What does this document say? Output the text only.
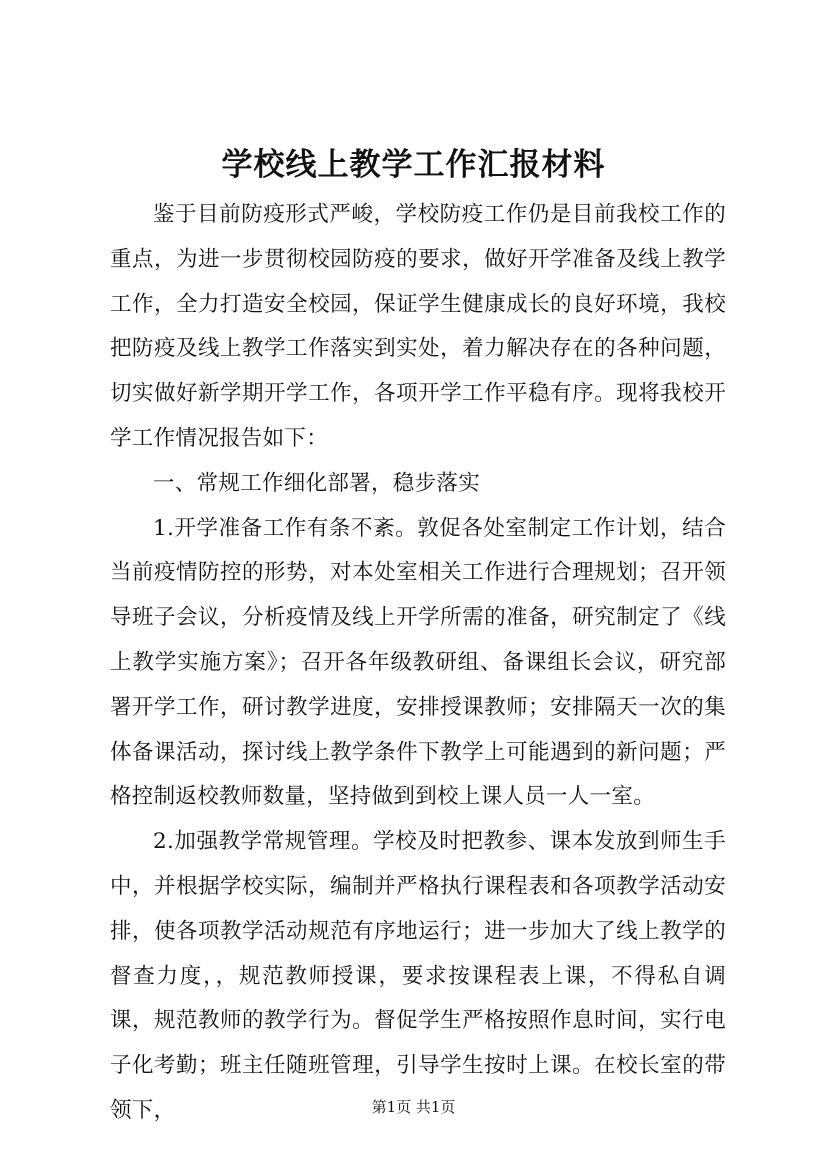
学校线上教学工作汇报材料

鉴于目前防疫形式严峻，学校防疫工作仍是目前我校工作的重点，为进一步贯彻校园防疫的要求，做好开学准备及线上教学工作，全力打造安全校园，保证学生健康成长的良好环境，我校把防疫及线上教学工作落实到实处，着力解决存在的各种问题，切实做好新学期开学工作，各项开学工作平稳有序。现将我校开学工作情况报告如下：

一、常规工作细化部署，稳步落实

1.开学准备工作有条不紊。敦促各处室制定工作计划，结合当前疫情防控的形势，对本处室相关工作进行合理规划；召开领导班子会议，分析疫情及线上开学所需的准备，研究制定了《线上教学实施方案》；召开各年级教研组、备课组长会议，研究部署开学工作，研讨教学进度，安排授课教师；安排隔天一次的集体备课活动，探讨线上教学条件下教学上可能遇到的新问题；严格控制返校教师数量，坚持做到到校上课人员一人一室。

2.加强教学常规管理。学校及时把教参、课本发放到师生手中，并根据学校实际，编制并严格执行课程表和各项教学活动安排，使各项教学活动规范有序地运行；进一步加大了线上教学的督查力度，，规范教师授课，要求按课程表上课，不得私自调课，规范教师的教学行为。督促学生严格按照作息时间，实行电子化考勤；班主任随班管理，引导学生按时上课。在校长室的带领下，	第1页 共1页
